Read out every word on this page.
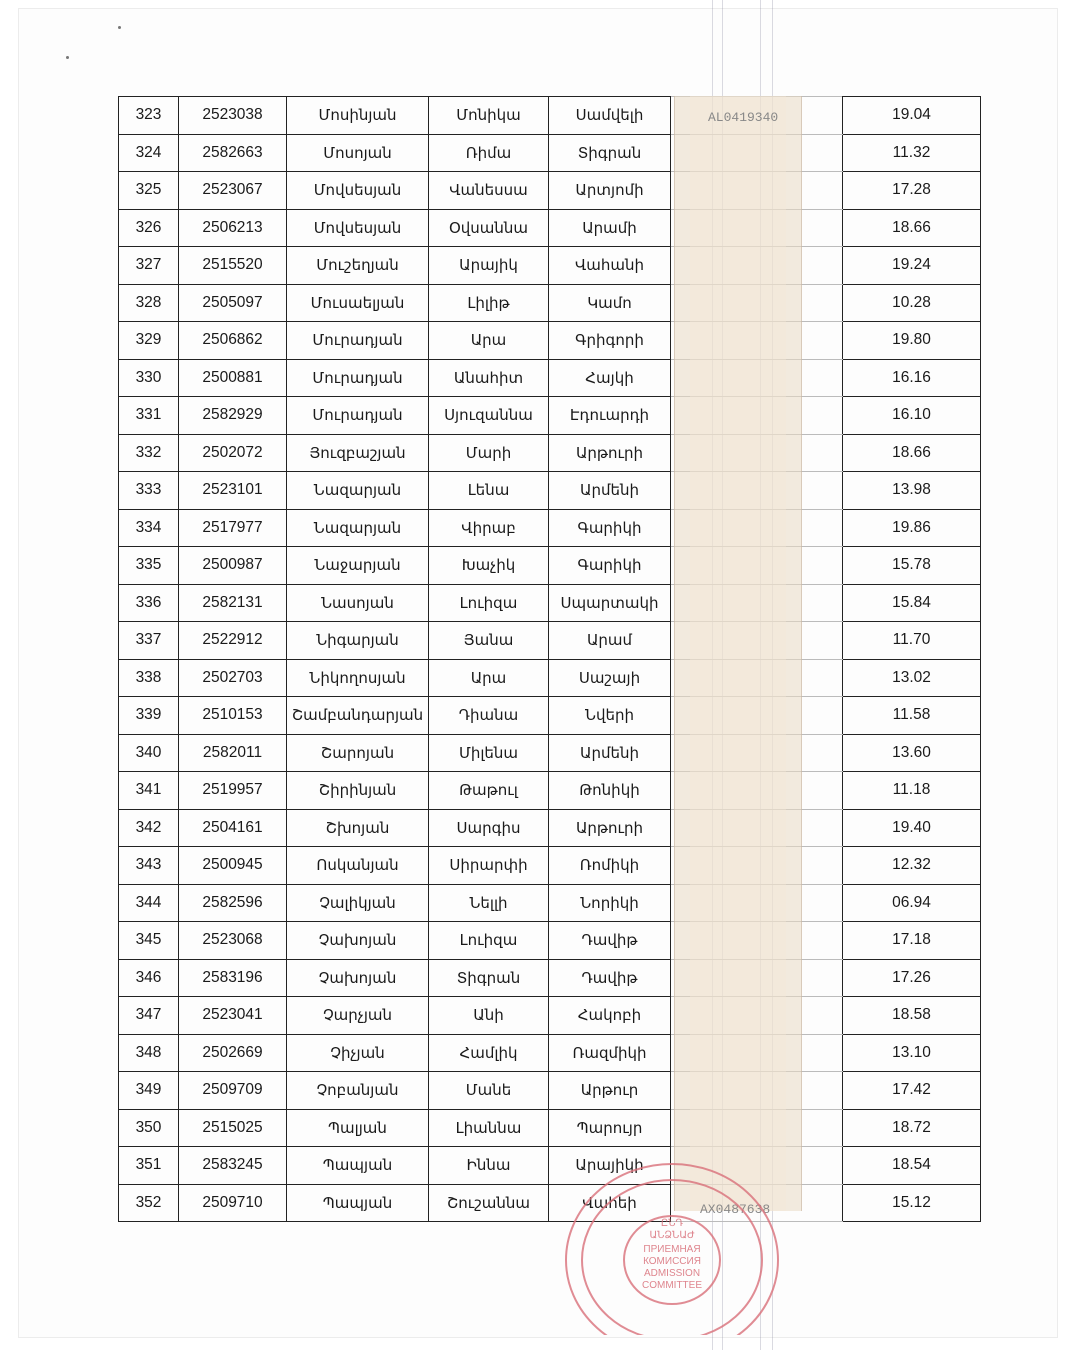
323	2523038	Մոսինյան	Մոնիկա	Սամվելի		19.04
324	2582663	Մոսոյան	Ռիմա	Տիգրան		11.32
325	2523067	Մովսեսյան	Վանեսսա	Արտյոմի		17.28
326	2506213	Մովսեսյան	Օվսաննա	Արամի		18.66
327	2515520	Մուշեղյան	Արայիկ	Վահանի		19.24
328	2505097	Մուսաելյան	Լիլիթ	Կամո		10.28
329	2506862	Մուրադյան	Արա	Գրիգորի		19.80
330	2500881	Մուրադյան	Անահիտ	Հայկի		16.16
331	2582929	Մուրադյան	Սյուզաննա	Էդուարդի		16.10
332	2502072	Յուզբաշյան	Մարի	Արթուրի		18.66
333	2523101	Նազարյան	Լենա	Արմենի		13.98
334	2517977	Նազարյան	Վիրաբ	Գարիկի		19.86
335	2500987	Նաջարյան	Խաչիկ	Գարիկի		15.78
336	2582131	Նասոյան	Լուիզա	Սպարտակի		15.84
337	2522912	Նիգարյան	Յանա	Արամ		11.70
338	2502703	Նիկողոսյան	Արա	Սաշայի		13.02
339	2510153	Շամբանդարյան	Դիանա	Նվերի		11.58
340	2582011	Շարոյան	Միլենա	Արմենի		13.60
341	2519957	Շիրինյան	Թաթուլ	Թոնիկի		11.18
342	2504161	Շխոյան	Սարգիս	Արթուրի		19.40
343	2500945	Ոսկանյան	Սիրարփի	Ռոմիկի		12.32
344	2582596	Չալիկյան	Նելլի	Նորիկի		06.94
345	2523068	Չախոյան	Լուիզա	Դավիթ		17.18
346	2583196	Չախոյան	Տիգրան	Դավիթ		17.26
347	2523041	Չարչյան	Անի	Հակոբի		18.58
348	2502669	Չիչյան	Համլիկ	Ռազմիկի		13.10
349	2509709	Չոբանյան	Մանե	Արթուր		17.42
350	2515025	Պալյան	Լիաննա	Պարույր		18.72
351	2583245	Պապյան	Իննա	Արայիկի		18.54
352	2509710	Պապյան	Շուշաննա	Վահեի		15.12
AL0419340
AX0487638
ԸՆԴ
ԱՆՁՆԱԺ
ПРИЕМНАЯ
КОМИССИЯ
ADMISSION
COMMITTEE
